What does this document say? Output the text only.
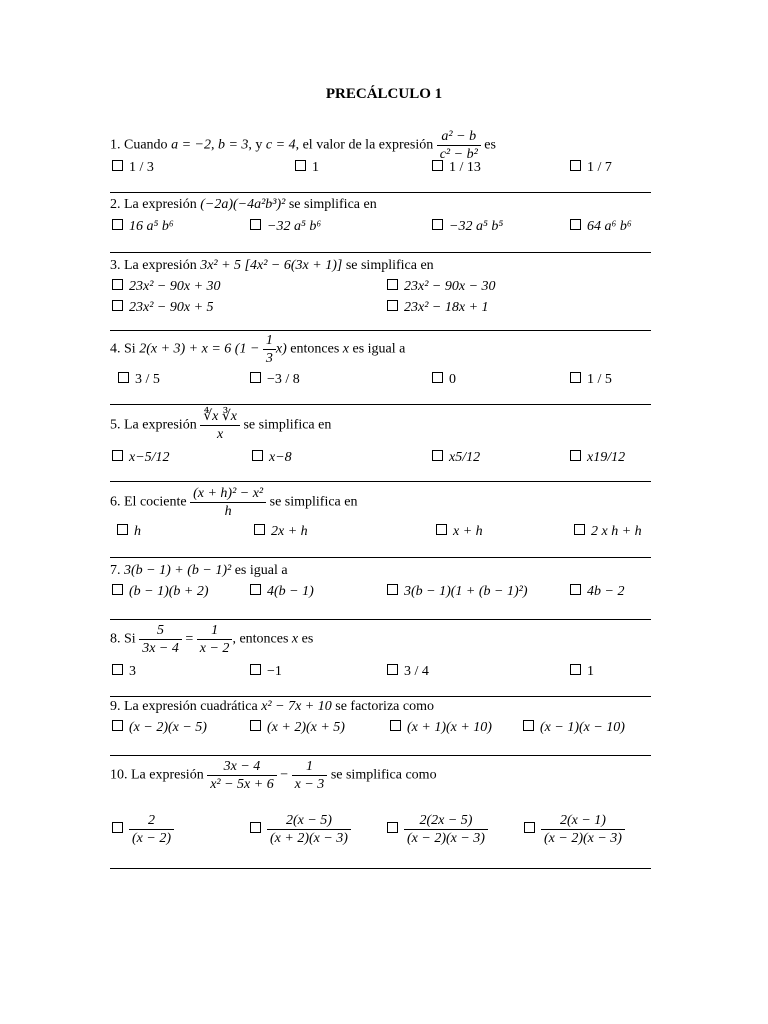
PRECÁLCULO 1
1. Cuando a = −2, b = 3, y c = 4, el valor de la expresión $\frac{\text{a² − b}}{\text{c² − b²}}$ es
1 / 3	1	1 / 13	1 / 7
2. La expresión (−2a)(−4a²b³)² se simplifica en
16 a⁵ b⁶	−32 a⁵ b⁶	−32 a⁵ b⁵	64 a⁶ b⁶
3. La expresión 3x² + 5 [4x² − 6(3x + 1)] se simplifica en
23x² − 90x + 30	23x² − 90x − 30
23x² − 90x + 5	23x² − 18x + 1
4. Si 2(x + 3) + x = 6 $(1 - \frac{1}{3} x)$ entonces x es igual a
3 / 5	−3 / 8	0	1 / 5
5. La expresión $\frac{∜x ∛x}{x}$ se simplifica en
x−5/12	x−8	x5/12	x19/12
6. El cociente $\frac{\text{(x + h)² − x²}}{h}$ se simplifica en
h	2x + h	x + h	2 x h + h
7. 3(b − 1) + (b − 1)² es igual a
(b − 1)(b + 2)	4(b − 1)	3(b − 1)(1 + (b − 1)²)	4b − 2
8. Si $\frac{5}{3x - 4} = \frac{1}{x - 2}$ , entonces x es
3	−1	3 / 4	1
9. La expresión cuadrática x² − 7x + 10 se factoriza como
(x − 2)(x − 5)	(x + 2)(x + 5)	(x + 1)(x + 10)	(x − 1)(x − 10)
10. La expresión $\frac{3x - 4}{\text{x² − 5x + 6}} - \frac{1}{x - 3}$ se simplifica como
$\frac{2}{(x - 2)}$	$\frac{2(x - 5)}{(x + 2)(x - 3)}$	$\frac{2(2x - 5)}{(x - 2)(x - 3)}$	$\frac{2(x - 1)}{(x - 2)(x - 3)}$
